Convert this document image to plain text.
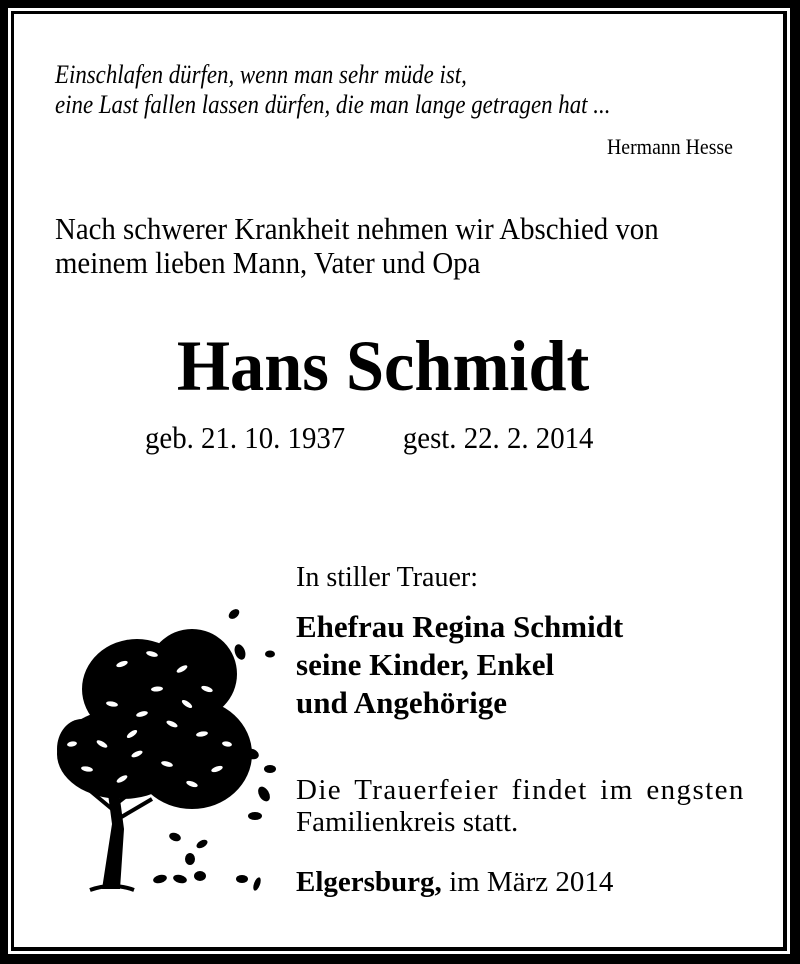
Einschlafen dürfen, wenn man sehr müde ist,
eine Last fallen lassen dürfen, die man lange getragen hat ...
Hermann Hesse
Nach schwerer Krankheit nehmen wir Abschied von
meinem lieben Mann, Vater und Opa
Hans Schmidt
geb. 21. 10. 1937 gest. 22. 2. 2014
In stiller Trauer:
Ehefrau Regina Schmidt
seine Kinder, Enkel
und Angehörige
Die Trauerfeier findet im engsten
Familienkreis statt.
Elgersburg, im März 2014
